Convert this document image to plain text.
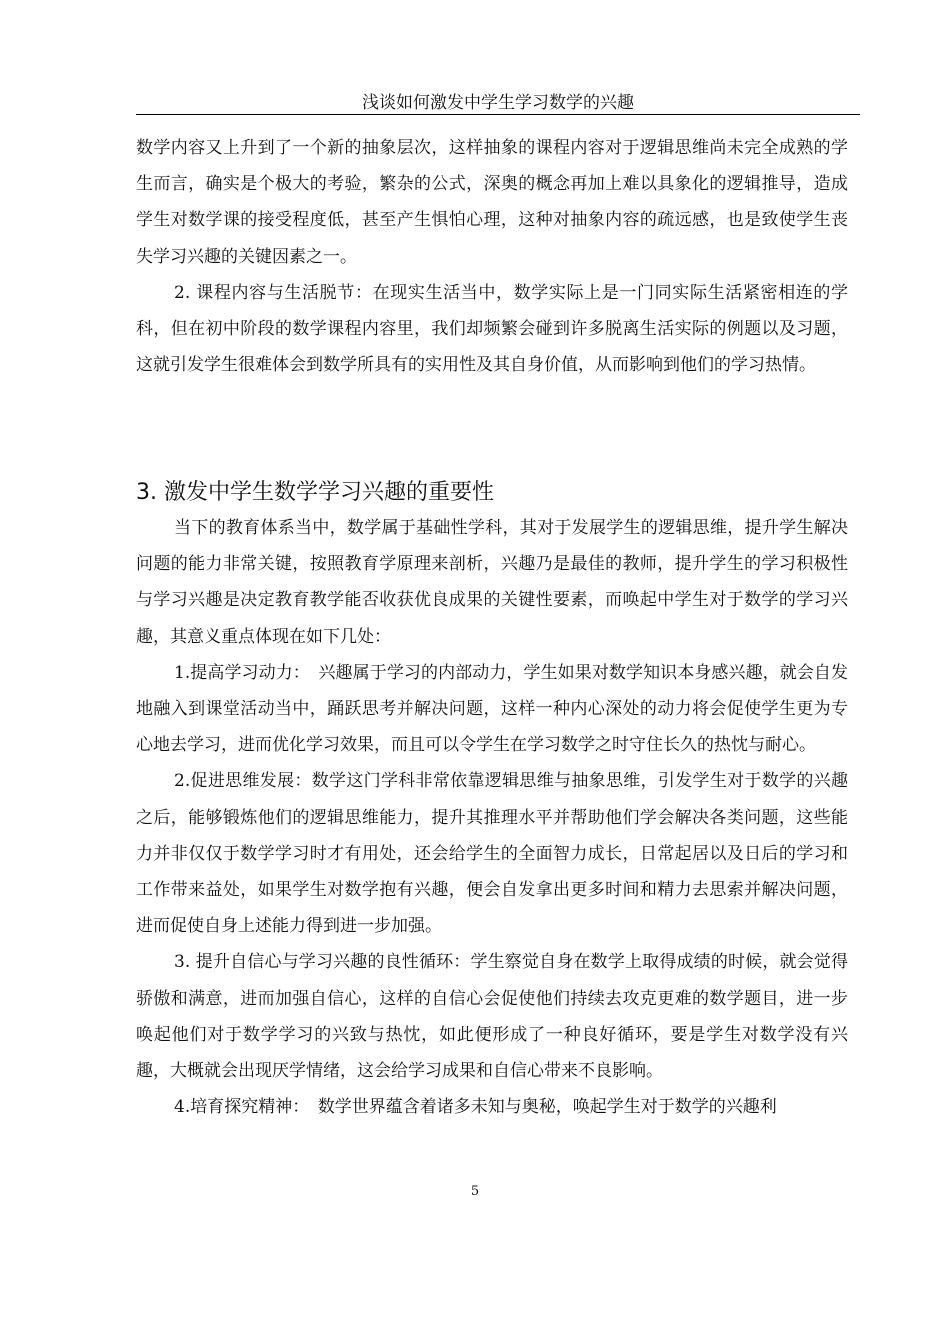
浅谈如何激发中学生学习数学的兴趣

数学内容又上升到了一个新的抽象层次，这样抽象的课程内容对于逻辑思维尚未完全成熟的学生而言，确实是个极大的考验，繁杂的公式，深奥的概念再加上难以具象化的逻辑推导，造成学生对数学课的接受程度低，甚至产生惧怕心理，这种对抽象内容的疏远感，也是致使学生丧失学习兴趣的关键因素之一。

2. 课程内容与生活脱节：在现实生活当中，数学实际上是一门同实际生活紧密相连的学科，但在初中阶段的数学课程内容里，我们却频繁会碰到许多脱离生活实际的例题以及习题，这就引发学生很难体会到数学所具有的实用性及其自身价值，从而影响到他们的学习热情。

3. 激发中学生数学学习兴趣的重要性

当下的教育体系当中，数学属于基础性学科，其对于发展学生的逻辑思维，提升学生解决问题的能力非常关键，按照教育学原理来剖析，兴趣乃是最佳的教师，提升学生的学习积极性与学习兴趣是决定教育教学能否收获优良成果的关键性要素，而唤起中学生对于数学的学习兴趣，其意义重点体现在如下几处：

1.提高学习动力：　兴趣属于学习的内部动力，学生如果对数学知识本身感兴趣，就会自发地融入到课堂活动当中，踊跃思考并解决问题，这样一种内心深处的动力将会促使学生更为专心地去学习，进而优化学习效果，而且可以令学生在学习数学之时守住长久的热忱与耐心。

2.促进思维发展：数学这门学科非常依靠逻辑思维与抽象思维，引发学生对于数学的兴趣之后，能够锻炼他们的逻辑思维能力，提升其推理水平并帮助他们学会解决各类问题，这些能力并非仅仅于数学学习时才有用处，还会给学生的全面智力成长，日常起居以及日后的学习和工作带来益处，如果学生对数学抱有兴趣，便会自发拿出更多时间和精力去思索并解决问题，进而促使自身上述能力得到进一步加强。

3. 提升自信心与学习兴趣的良性循环：学生察觉自身在数学上取得成绩的时候，就会觉得骄傲和满意，进而加强自信心，这样的自信心会促使他们持续去攻克更难的数学题目，进一步唤起他们对于数学学习的兴致与热忱，如此便形成了一种良好循环，要是学生对数学没有兴趣，大概就会出现厌学情绪，这会给学习成果和自信心带来不良影响。

4.培育探究精神：　数学世界蕴含着诸多未知与奥秘，唤起学生对于数学的兴趣利

5
